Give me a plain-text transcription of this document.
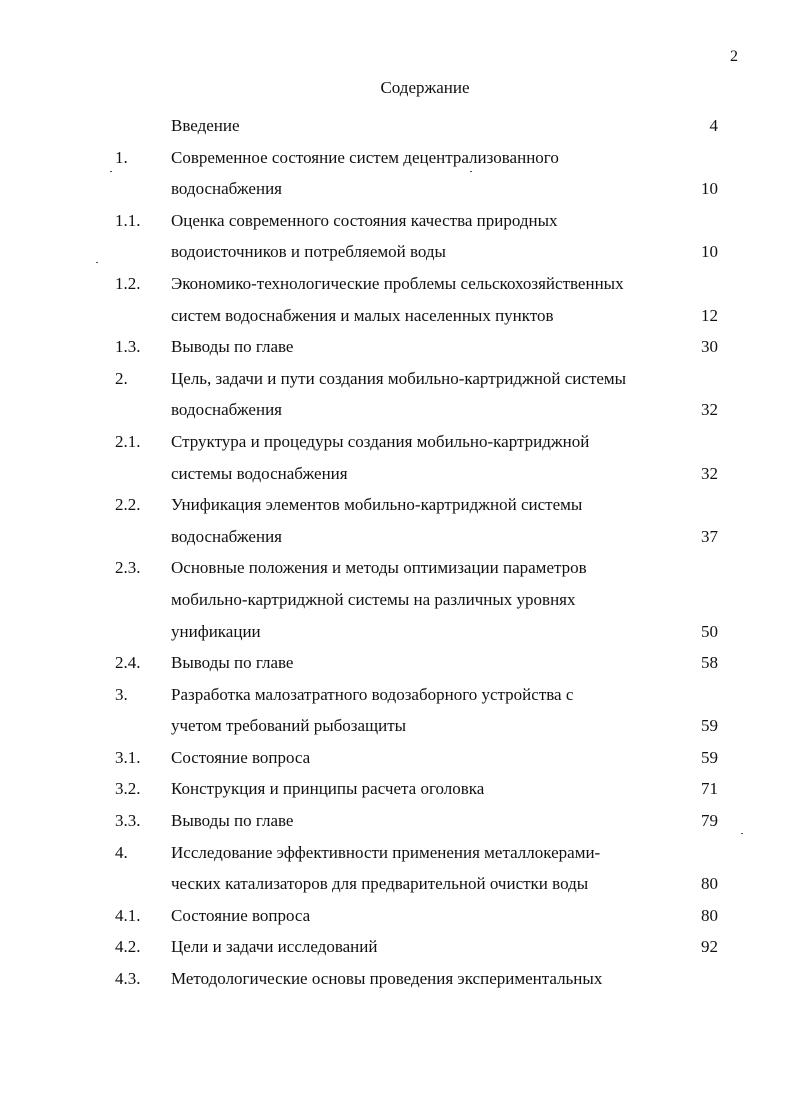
2
Содержание
Введение	4
1.	Современное состояние систем децентрализованного
водоснабжения	10
1.1. Оценка современного состояния качества природных
водоисточников и потребляемой воды	10
1.2. Экономико-технологические проблемы сельскохозяйственных
систем водоснабжения и малых населенных пунктов	12
1.3. Выводы по главе	30
2.	Цель, задачи и пути создания мобильно-картриджной системы
водоснабжения	32
2.1. Структура и процедуры создания мобильно-картриджной
системы водоснабжения	32
2.2. Унификация элементов мобильно-картриджной системы
водоснабжения	37
2.3. Основные положения и методы оптимизации параметров
мобильно-картриджной системы на различных уровнях
унификации	50
2.4. Выводы по главе	58
3.	Разработка малозатратного водозаборного устройства с
учетом требований рыбозащиты	59
3.1. Состояние вопроса	59
3.2. Конструкция и принципы расчета оголовка	71
3.3. Выводы по главе	79
4.	Исследование эффективности применения металлокерами-
ческих катализаторов для предварительной очистки воды	80
4.1. Состояние вопроса	80
4.2. Цели и задачи исследований	92
4.3. Методологические основы проведения экспериментальных
